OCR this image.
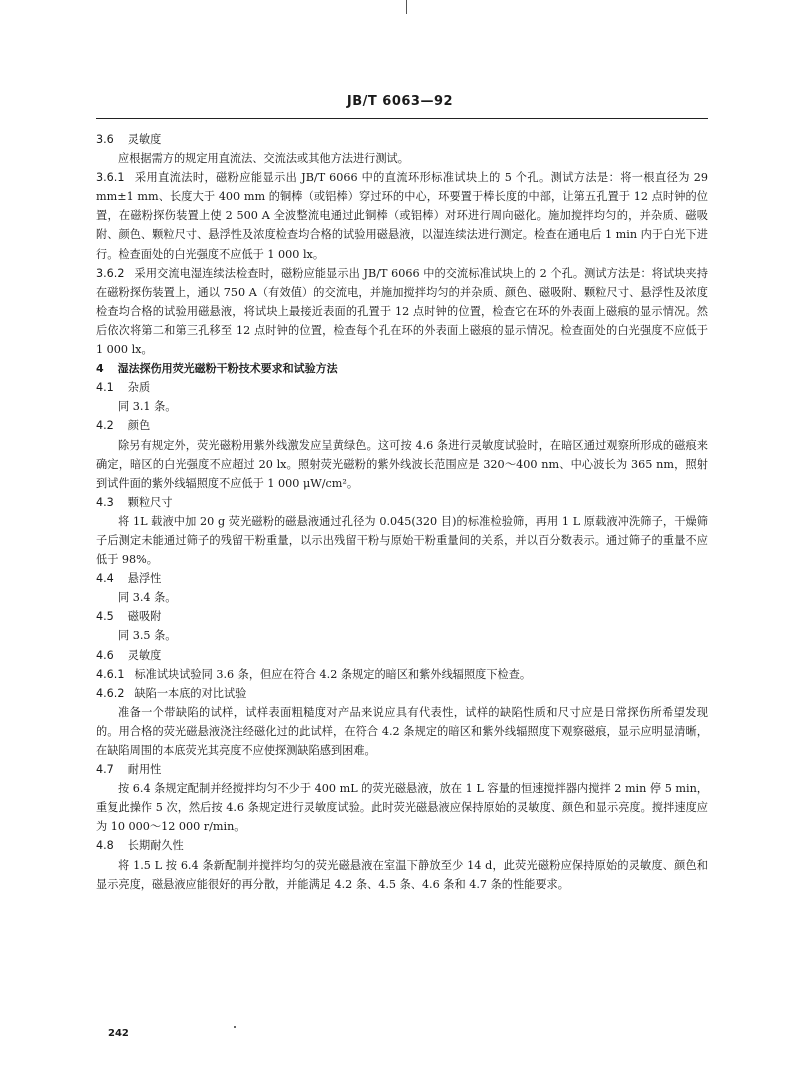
JB/T 6063—92

3.6 灵敏度

应根据需方的规定用直流法、交流法或其他方法进行测试。

3.6.1 采用直流法时，磁粉应能显示出 JB/T 6066 中的直流环形标准试块上的 5 个孔。测试方法是：将一根直径为 29 mm±1 mm、长度大于 400 mm 的铜棒（或铝棒）穿过环的中心，环要置于棒长度的中部，让第五孔置于 12 点时钟的位置，在磁粉探伤装置上使 2 500 A 全波整流电通过此铜棒（或铝棒）对环进行周向磁化。施加搅拌均匀的，并杂质、磁吸附、颜色、颗粒尺寸、悬浮性及浓度检查均合格的试验用磁悬液，以湿连续法进行测定。检查在通电后 1 min 内于白光下进行。检查面处的白光强度不应低于 1 000 lx。

3.6.2 采用交流电湿连续法检查时，磁粉应能显示出 JB/T 6066 中的交流标准试块上的 2 个孔。测试方法是：将试块夹持在磁粉探伤装置上，通以 750 A（有效值）的交流电，并施加搅拌均匀的并杂质、颜色、磁吸附、颗粒尺寸、悬浮性及浓度检查均合格的试验用磁悬液，将试块上最接近表面的孔置于 12 点时钟的位置，检查它在环的外表面上磁痕的显示情况。然后依次将第二和第三孔移至 12 点时钟的位置，检查每个孔在环的外表面上磁痕的显示情况。检查面处的白光强度不应低于 1 000 lx。

4 湿法探伤用荧光磁粉干粉技术要求和试验方法

4.1 杂质

同 3.1 条。

4.2 颜色

除另有规定外，荧光磁粉用紫外线激发应呈黄绿色。这可按 4.6 条进行灵敏度试验时，在暗区通过观察所形成的磁痕来确定，暗区的白光强度不应超过 20 lx。照射荧光磁粉的紫外线波长范围应是 320～400 nm、中心波长为 365 nm，照射到试件面的紫外线辐照度不应低于 1 000 μW/cm²。

4.3 颗粒尺寸

将 1L 载液中加 20 g 荧光磁粉的磁悬液通过孔径为 0.045(320 目)的标准检验筛，再用 1 L 原载液冲洗筛子，干燥筛子后测定未能通过筛子的残留干粉重量，以示出残留干粉与原始干粉重量间的关系，并以百分数表示。通过筛子的重量不应低于 98%。

4.4 悬浮性

同 3.4 条。

4.5 磁吸附

同 3.5 条。

4.6 灵敏度

4.6.1 标准试块试验同 3.6 条，但应在符合 4.2 条规定的暗区和紫外线辐照度下检查。

4.6.2 缺陷一本底的对比试验

准备一个带缺陷的试样，试样表面粗糙度对产品来说应具有代表性，试样的缺陷性质和尺寸应是日常探伤所希望发现的。用合格的荧光磁悬液浇注经磁化过的此试样，在符合 4.2 条规定的暗区和紫外线辐照度下观察磁痕，显示应明显清晰，在缺陷周围的本底荧光其亮度不应使探测缺陷感到困难。

4.7 耐用性

按 6.4 条规定配制并经搅拌均匀不少于 400 mL 的荧光磁悬液，放在 1 L 容量的恒速搅拌器内搅拌 2 min 停 5 min，重复此操作 5 次，然后按 4.6 条规定进行灵敏度试验。此时荧光磁悬液应保持原始的灵敏度、颜色和显示亮度。搅拌速度应为 10 000～12 000 r/min。

4.8 长期耐久性

将 1.5 L 按 6.4 条新配制并搅拌均匀的荧光磁悬液在室温下静放至少 14 d，此荧光磁粉应保持原始的灵敏度、颜色和显示亮度，磁悬液应能很好的再分散，并能满足 4.2 条、4.5 条、4.6 条和 4.7 条的性能要求。

242
